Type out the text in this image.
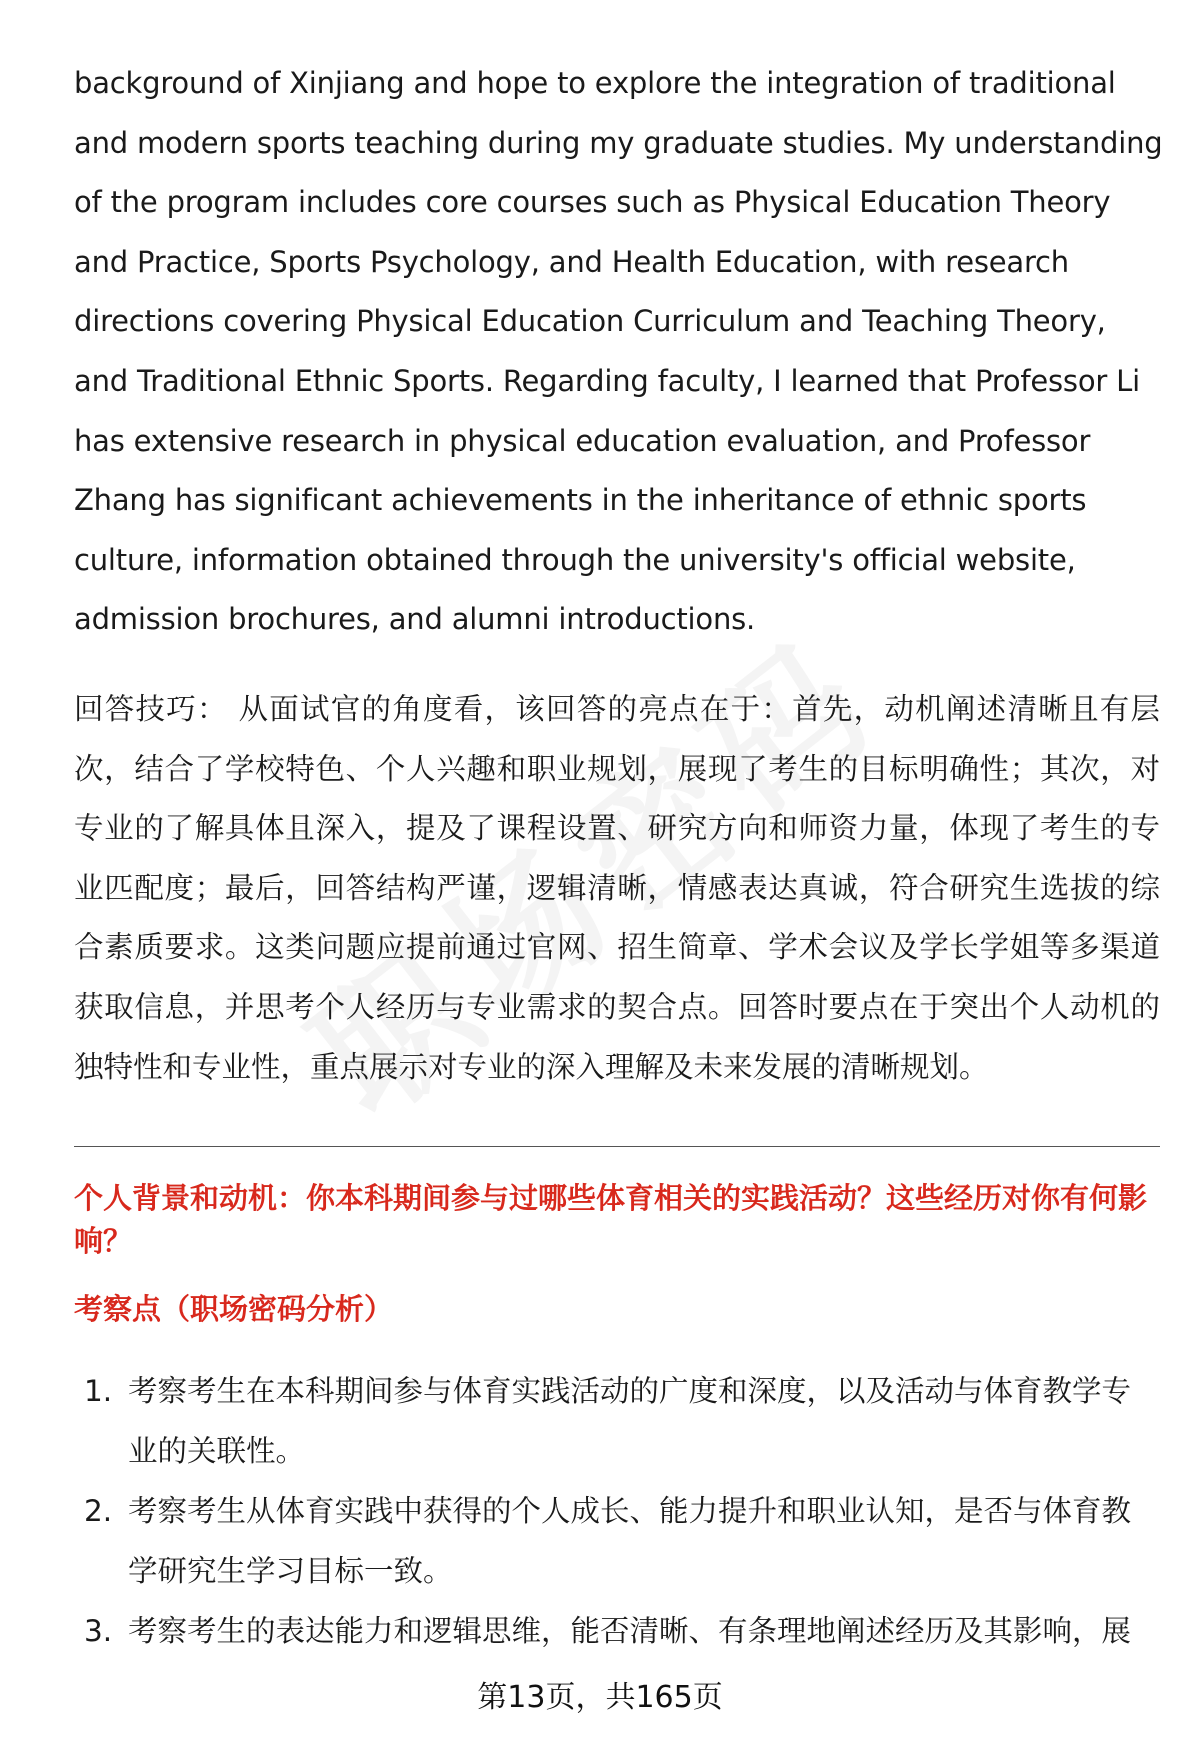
background of Xinjiang and hope to explore the integration of traditional and modern sports teaching during my graduate studies. My understanding of the program includes core courses such as Physical Education Theory and Practice, Sports Psychology, and Health Education, with research directions covering Physical Education Curriculum and Teaching Theory, and Traditional Ethnic Sports. Regarding faculty, I learned that Professor Li has extensive research in physical education evaluation, and Professor Zhang has significant achievements in the inheritance of ethnic sports culture, information obtained through the university's official website, admission brochures, and alumni introductions.

回答技巧： 从面试官的角度看，该回答的亮点在于：首先，动机阐述清晰且有层次，结合了学校特色、个人兴趣和职业规划，展现了考生的目标明确性；其次，对专业的了解具体且深入，提及了课程设置、研究方向和师资力量，体现了考生的专业匹配度；最后，回答结构严谨，逻辑清晰，情感表达真诚，符合研究生选拔的综合素质要求。这类问题应提前通过官网、招生简章、学术会议及学长学姐等多渠道获取信息，并思考个人经历与专业需求的契合点。回答时要点在于突出个人动机的独特性和专业性，重点展示对专业的深入理解及未来发展的清晰规划。

个人背景和动机：你本科期间参与过哪些体育相关的实践活动？这些经历对你有何影响？

考察点（职场密码分析）

1. 考察考生在本科期间参与体育实践活动的广度和深度，以及活动与体育教学专业的关联性。
2. 考察考生从体育实践中获得的个人成长、能力提升和职业认知，是否与体育教学研究生学习目标一致。
3. 考察考生的表达能力和逻辑思维，能否清晰、有条理地阐述经历及其影响，展
第13页，共165页
